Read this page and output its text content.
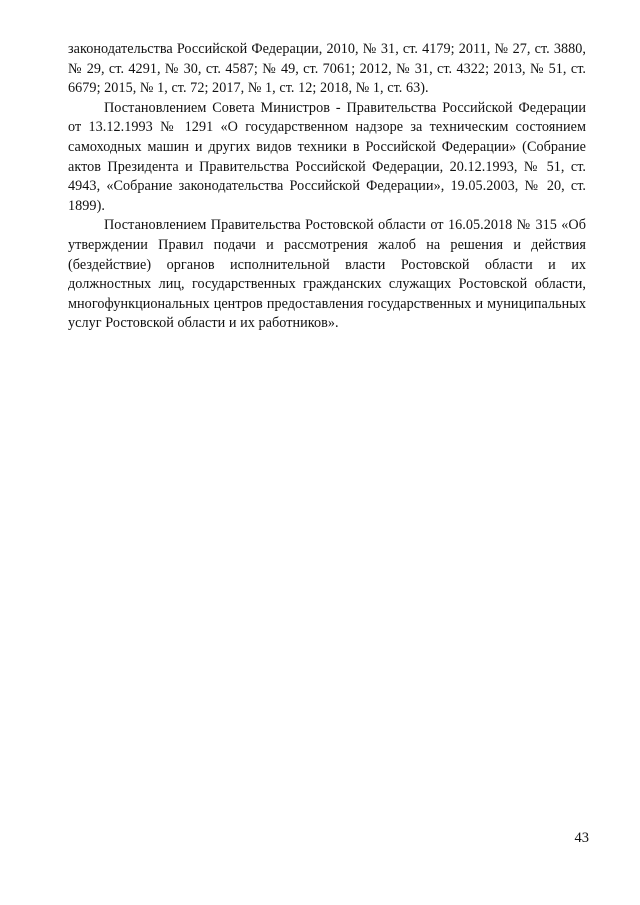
законодательства Российской Федерации, 2010, № 31, ст. 4179; 2011, № 27, ст. 3880, № 29, ст. 4291, № 30, ст. 4587; № 49, ст. 7061; 2012, № 31, ст. 4322; 2013, № 51, ст. 6679; 2015, № 1, ст. 72; 2017, № 1, ст. 12; 2018, № 1, ст. 63).

Постановлением Совета Министров - Правительства Российской Федерации от 13.12.1993 № 1291 «О государственном надзоре за техническим состоянием самоходных машин и других видов техники в Российской Федерации» (Собрание актов Президента и Правительства Российской Федерации, 20.12.1993, № 51, ст. 4943, «Собрание законодательства Российской Федерации», 19.05.2003, № 20, ст. 1899).

Постановлением Правительства Ростовской области от 16.05.2018 № 315 «Об утверждении Правил подачи и рассмотрения жалоб на решения и действия (бездействие) органов исполнительной власти Ростовской области и их должностных лиц, государственных гражданских служащих Ростовской области, многофункциональных центров предоставления государственных и муниципальных услуг Ростовской области и их работников».

43
